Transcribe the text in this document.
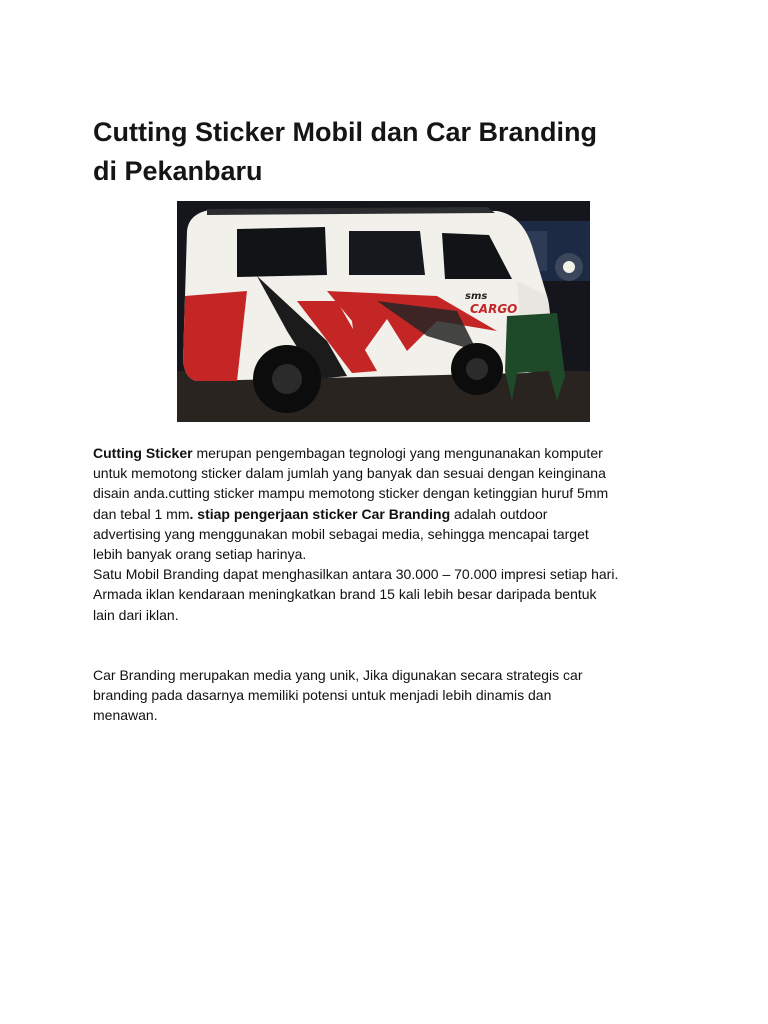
Cutting Sticker Mobil dan Car Branding
di Pekanbaru
sms
CARGO

Cutting Sticker merupan pengembagan tegnologi yang mengunanakan komputer
untuk memotong sticker dalam jumlah yang banyak dan sesuai dengan keinginana
disain anda.cutting sticker mampu memotong sticker dengan ketinggian huruf 5mm
dan tebal 1 mm. stiap pengerjaan sticker Car Branding adalah outdoor
advertising yang menggunakan mobil sebagai media, sehingga mencapai target
lebih banyak orang setiap harinya.
Satu Mobil Branding dapat menghasilkan antara 30.000 – 70.000 impresi setiap hari.
Armada iklan kendaraan meningkatkan brand 15 kali lebih besar daripada bentuk
lain dari iklan.

Car Branding merupakan media yang unik, Jika digunakan secara strategis car
branding pada dasarnya memiliki potensi untuk menjadi lebih dinamis dan
menawan.
